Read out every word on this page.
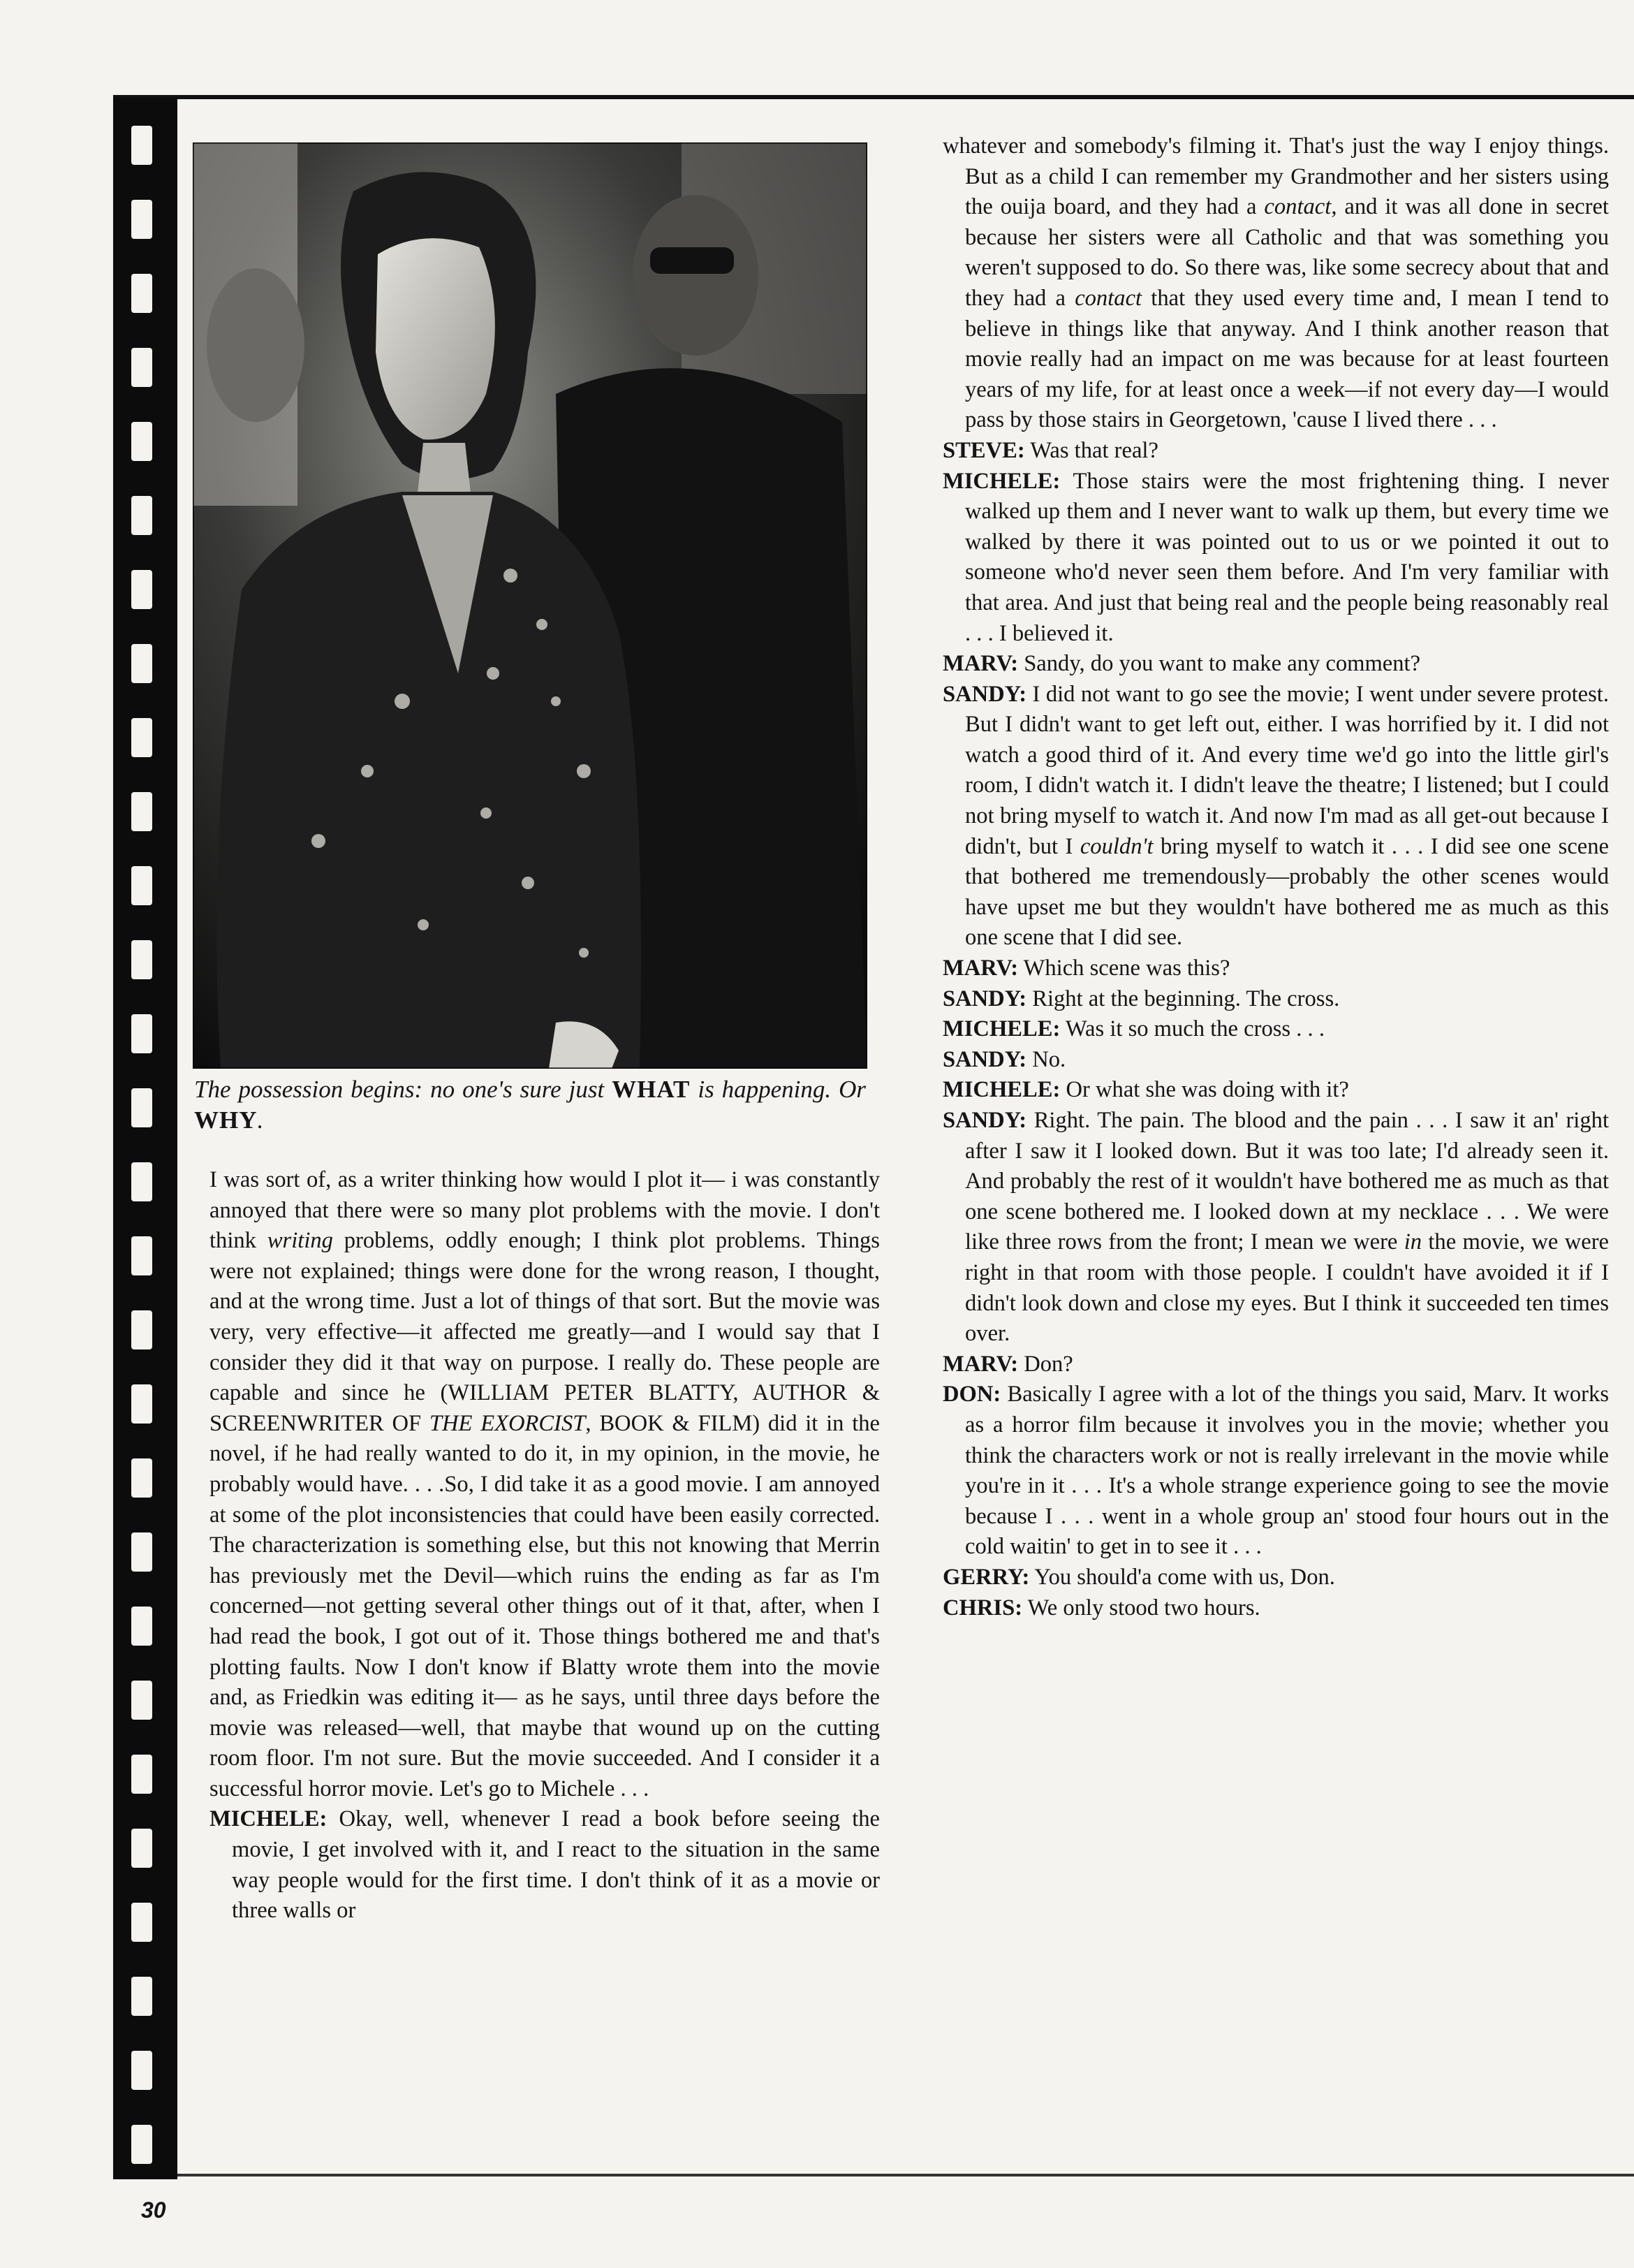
The possession begins: no one's sure just WHAT is happening. Or WHY.

I was sort of, as a writer thinking how would I plot it— i was constantly annoyed that there were so many plot problems with the movie. I don't think writing problems, oddly enough; I think plot problems. Things were not explained; things were done for the wrong reason, I thought, and at the wrong time. Just a lot of things of that sort. But the movie was very, very effective—it affected me greatly—and I would say that I consider they did it that way on purpose. I really do. These people are capable and since he (WILLIAM PETER BLATTY, AUTHOR & SCREENWRITER OF THE EXORCIST, BOOK & FILM) did it in the novel, if he had really wanted to do it, in my opinion, in the movie, he probably would have. . . .So, I did take it as a good movie. I am annoyed at some of the plot inconsistencies that could have been easily corrected. The characterization is something else, but this not knowing that Merrin has previously met the Devil—which ruins the ending as far as I'm concerned—not getting several other things out of it that, after, when I had read the book, I got out of it. Those things bothered me and that's plotting faults. Now I don't know if Blatty wrote them into the movie and, as Friedkin was editing it— as he says, until three days before the movie was released—well, that maybe that wound up on the cutting room floor. I'm not sure. But the movie succeeded. And I consider it a successful horror movie. Let's go to Michele . . .

MICHELE: Okay, well, whenever I read a book before seeing the movie, I get involved with it, and I react to the situation in the same way people would for the first time. I don't think of it as a movie or three walls or

whatever and somebody's filming it. That's just the way I enjoy things. But as a child I can remember my Grandmother and her sisters using the ouija board, and they had a contact, and it was all done in secret because her sisters were all Catholic and that was something you weren't supposed to do. So there was, like some secrecy about that and they had a contact that they used every time and, I mean I tend to believe in things like that anyway. And I think another reason that movie really had an impact on me was because for at least fourteen years of my life, for at least once a week—if not every day—I would pass by those stairs in Georgetown, 'cause I lived there . . .

STEVE: Was that real?

MICHELE: Those stairs were the most frightening thing. I never walked up them and I never want to walk up them, but every time we walked by there it was pointed out to us or we pointed it out to someone who'd never seen them before. And I'm very familiar with that area. And just that being real and the people being reasonably real . . . I believed it.

MARV: Sandy, do you want to make any comment?

SANDY: I did not want to go see the movie; I went under severe protest. But I didn't want to get left out, either. I was horrified by it. I did not watch a good third of it. And every time we'd go into the little girl's room, I didn't watch it. I didn't leave the theatre; I listened; but I could not bring myself to watch it. And now I'm mad as all get-out because I didn't, but I couldn't bring myself to watch it . . . I did see one scene that bothered me tremendously—probably the other scenes would have upset me but they wouldn't have bothered me as much as this one scene that I did see.

MARV: Which scene was this?

SANDY: Right at the beginning. The cross.

MICHELE: Was it so much the cross . . .

SANDY: No.

MICHELE: Or what she was doing with it?

SANDY: Right. The pain. The blood and the pain . . . I saw it an' right after I saw it I looked down. But it was too late; I'd already seen it. And probably the rest of it wouldn't have bothered me as much as that one scene bothered me. I looked down at my necklace . . . We were like three rows from the front; I mean we were in the movie, we were right in that room with those people. I couldn't have avoided it if I didn't look down and close my eyes. But I think it succeeded ten times over.

MARV: Don?

DON: Basically I agree with a lot of the things you said, Marv. It works as a horror film because it involves you in the movie; whether you think the characters work or not is really irrelevant in the movie while you're in it . . . It's a whole strange experience going to see the movie because I . . . went in a whole group an' stood four hours out in the cold waitin' to get in to see it . . .

GERRY: You should'a come with us, Don.

CHRIS: We only stood two hours.

30
